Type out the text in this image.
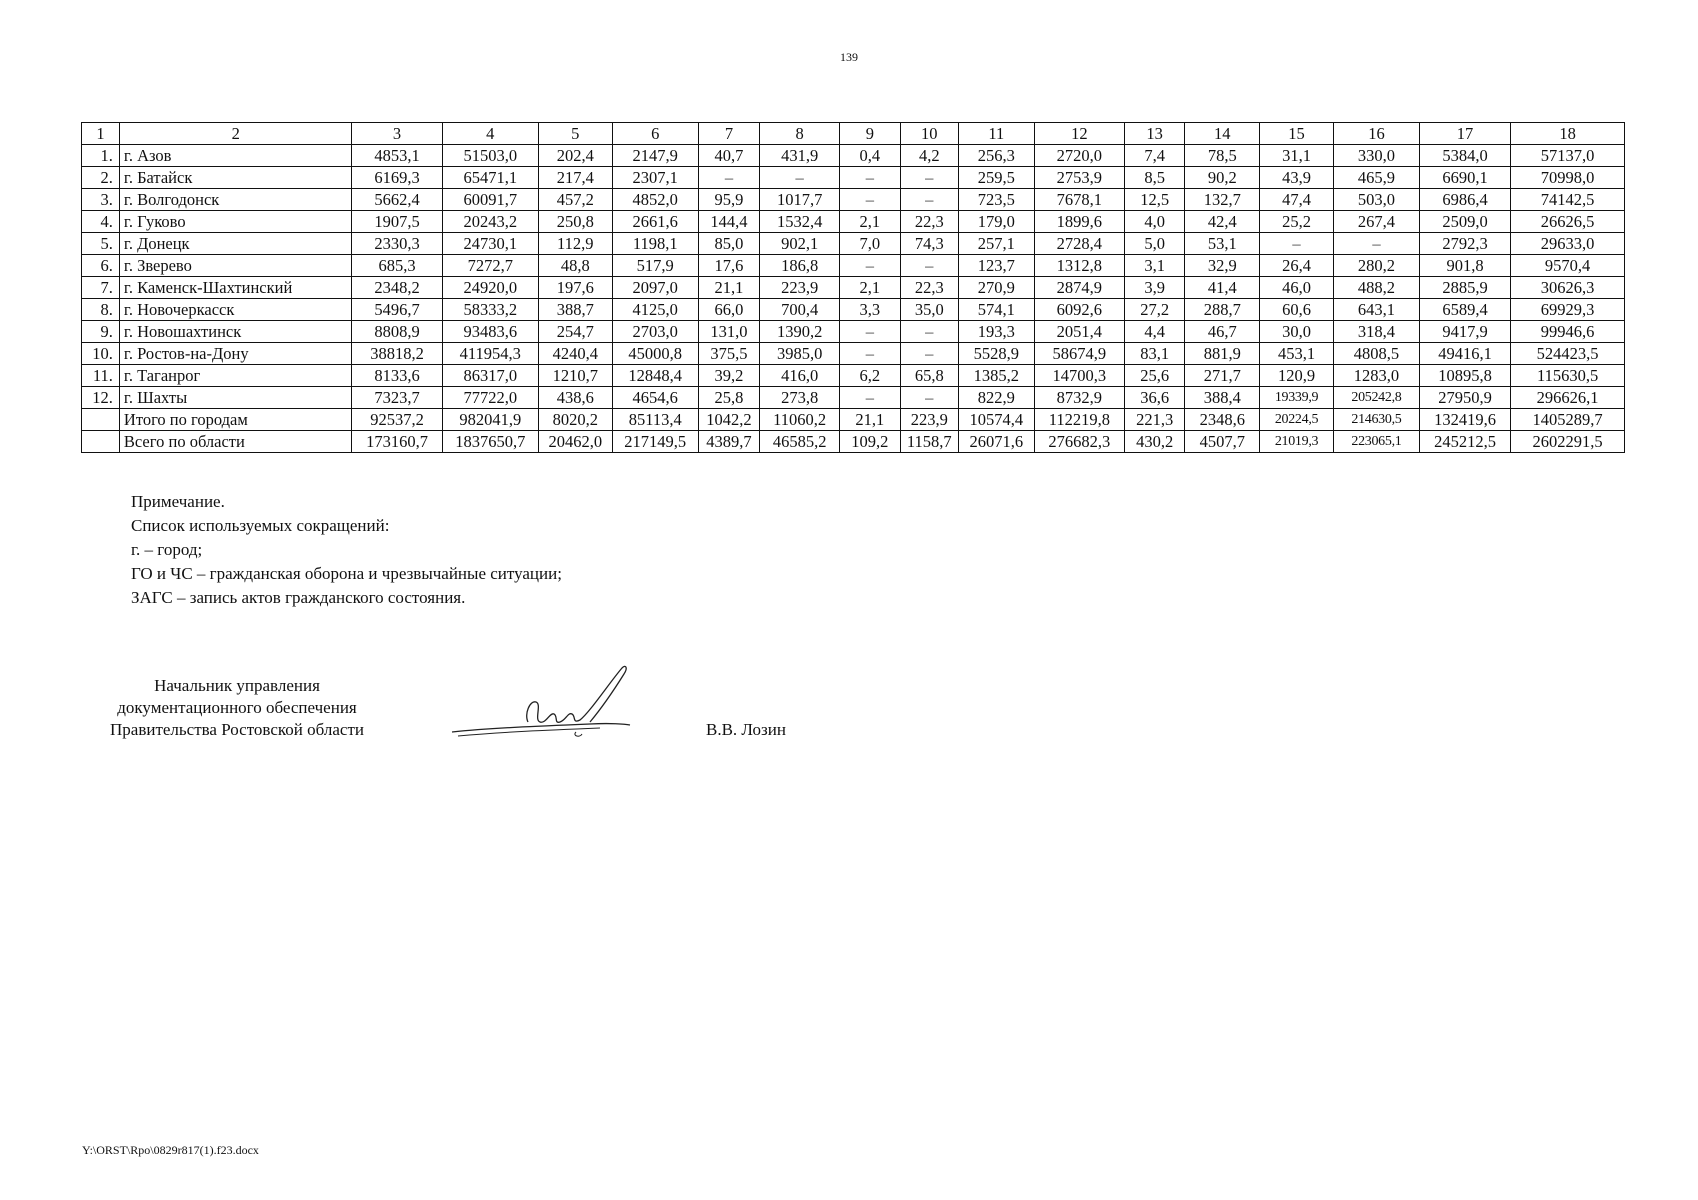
139
1	2	3	4	5	6	7	8	9	10	11	12	13	14	15	16	17	18
1.	г. Азов	4853,1	51503,0	202,4	2147,9	40,7	431,9	0,4	4,2	256,3	2720,0	7,4	78,5	31,1	330,0	5384,0	57137,0
2.	г. Батайск	6169,3	65471,1	217,4	2307,1	–	–	–	–	259,5	2753,9	8,5	90,2	43,9	465,9	6690,1	70998,0
3.	г. Волгодонск	5662,4	60091,7	457,2	4852,0	95,9	1017,7	–	–	723,5	7678,1	12,5	132,7	47,4	503,0	6986,4	74142,5
4.	г. Гуково	1907,5	20243,2	250,8	2661,6	144,4	1532,4	2,1	22,3	179,0	1899,6	4,0	42,4	25,2	267,4	2509,0	26626,5
5.	г. Донецк	2330,3	24730,1	112,9	1198,1	85,0	902,1	7,0	74,3	257,1	2728,4	5,0	53,1	–	–	2792,3	29633,0
6.	г. Зверево	685,3	7272,7	48,8	517,9	17,6	186,8	–	–	123,7	1312,8	3,1	32,9	26,4	280,2	901,8	9570,4
7.	г. Каменск-Шахтинский	2348,2	24920,0	197,6	2097,0	21,1	223,9	2,1	22,3	270,9	2874,9	3,9	41,4	46,0	488,2	2885,9	30626,3
8.	г. Новочеркасск	5496,7	58333,2	388,7	4125,0	66,0	700,4	3,3	35,0	574,1	6092,6	27,2	288,7	60,6	643,1	6589,4	69929,3
9.	г. Новошахтинск	8808,9	93483,6	254,7	2703,0	131,0	1390,2	–	–	193,3	2051,4	4,4	46,7	30,0	318,4	9417,9	99946,6
10.	г. Ростов-на-Дону	38818,2	411954,3	4240,4	45000,8	375,5	3985,0	–	–	5528,9	58674,9	83,1	881,9	453,1	4808,5	49416,1	524423,5
11.	г. Таганрог	8133,6	86317,0	1210,7	12848,4	39,2	416,0	6,2	65,8	1385,2	14700,3	25,6	271,7	120,9	1283,0	10895,8	115630,5
12.	г. Шахты	7323,7	77722,0	438,6	4654,6	25,8	273,8	–	–	822,9	8732,9	36,6	388,4	19339,9	205242,8	27950,9	296626,1
	Итого по городам	92537,2	982041,9	8020,2	85113,4	1042,2	11060,2	21,1	223,9	10574,4	112219,8	221,3	2348,6	20224,5	214630,5	132419,6	1405289,7
	Всего по области	173160,7	1837650,7	20462,0	217149,5	4389,7	46585,2	109,2	1158,7	26071,6	276682,3	430,2	4507,7	21019,3	223065,1	245212,5	2602291,5
Примечание.
Список используемых сокращений:
г. – город;
ГО и ЧС – гражданская оборона и чрезвычайные ситуации;
ЗАГС – запись актов гражданского состояния.
Начальник управления
документационного обеспечения
Правительства Ростовской области	В.В. Лозин
Y:\ORST\Rpo\0829r817(1).f23.docx
